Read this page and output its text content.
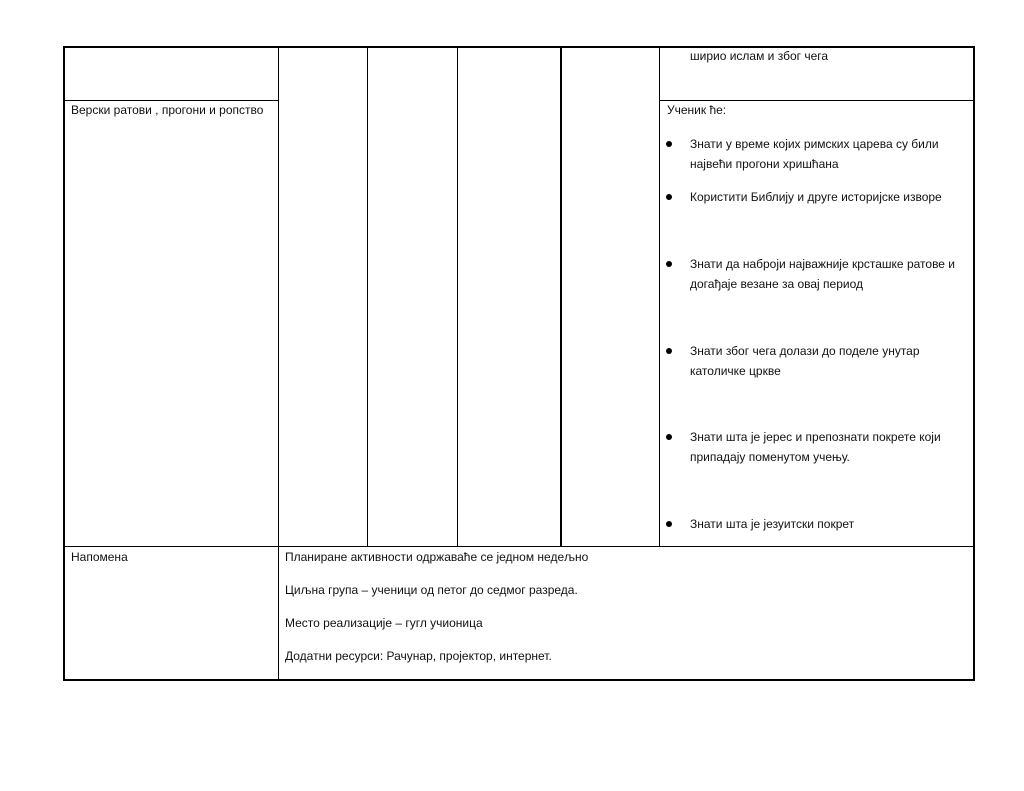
ширио ислам и због чега
Верски ратови , прогони и ропство	Ученик ће:
Знати у време којих римских царева су били највећи прогони хришћана
Користити Библију и друге историјске изворе
Знати да наброји најважније крсташке ратове и догађаје везане за овај период
Знати због чега долази до поделе унутар католичке цркве
Знати шта је јерес и препознати покрете који припадају поменутом учењу.
Знати шта је језуитски покрет
Напомена	Планиране активности одржаваће се једном недељно
Циљна група – ученици од петог до седмог разреда.
Место реализације – гугл учионица
Додатни ресурси: Рачунар, пројектор, интернет.
